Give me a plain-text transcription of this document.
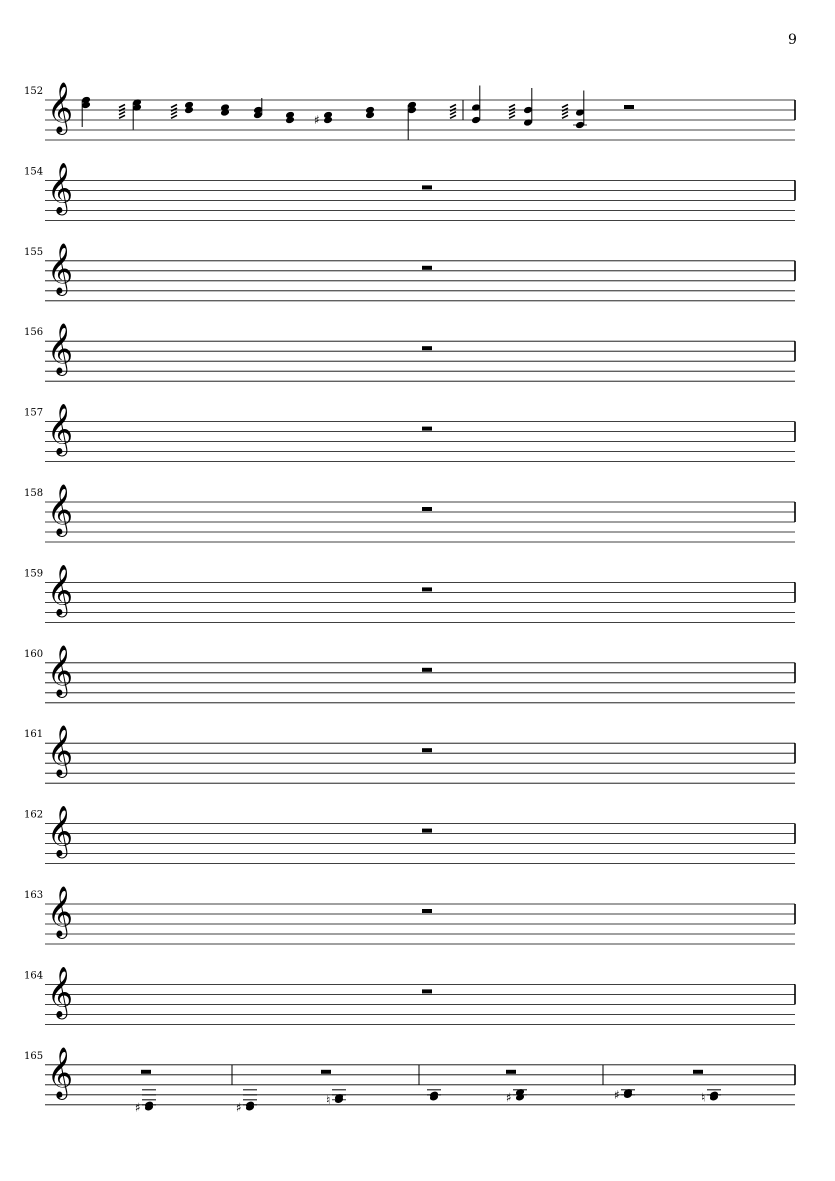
9
𝄞
152
♯
𝄞
154
𝄞
155
𝄞
156
𝄞
157
𝄞
158
𝄞
159
𝄞
160
𝄞
161
𝄞
162
𝄞
163
𝄞
164
𝄞
165
♯	♯
♮	♯	♯	♮
